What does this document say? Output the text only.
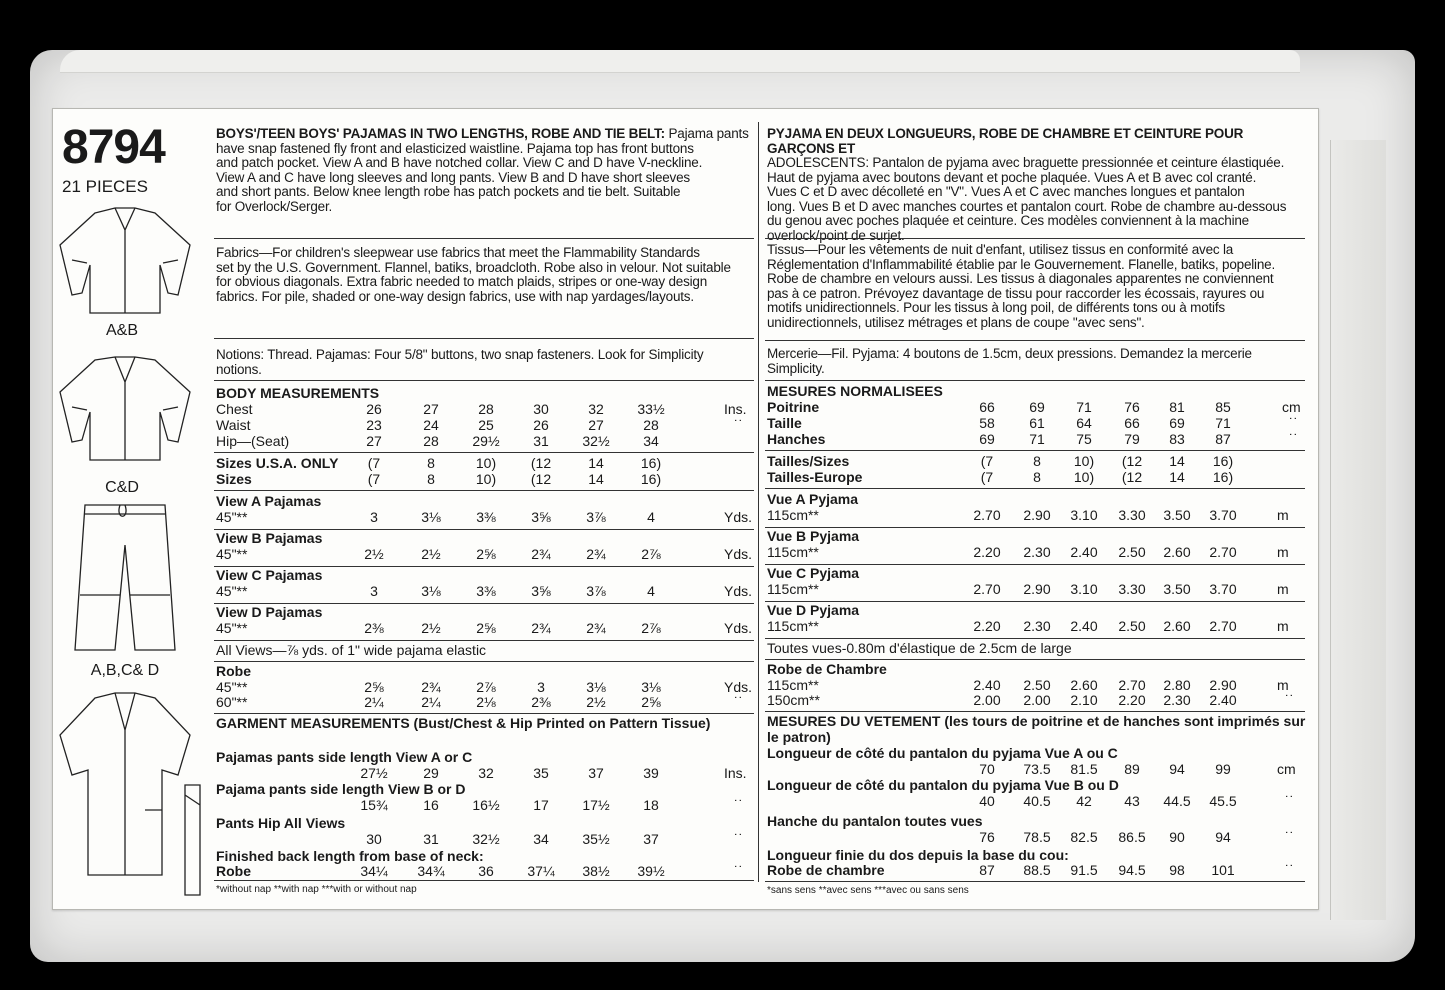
8794
21 PIECES
A&B
C&D
A,B,C& D
BOYS'/TEEN BOYS' PAJAMAS IN TWO LENGTHS, ROBE AND TIE BELT: Pajama pants
have snap fastened fly front and elasticized waistline. Pajama top has front buttons
and patch pocket. View A and B have notched collar. View C and D have V-neckline.
View A and C have long sleeves and long pants. View B and D have short sleeves
and short pants. Below knee length robe has patch pockets and tie belt. Suitable
for Overlock/Serger.
Fabrics—For children's sleepwear use fabrics that meet the Flammability Standards
set by the U.S. Government. Flannel, batiks, broadcloth. Robe also in velour. Not suitable
for obvious diagonals. Extra fabric needed to match plaids, stripes or one-way design
fabrics. For pile, shaded or one-way design fabrics, use with nap yardages/layouts.
Notions: Thread. Pajamas: Four 5/8" buttons, two snap fasteners. Look for Simplicity
notions.
BODY MEASUREMENTS
Chest	26	27	28	30	32	33½	Ins.
Waist	23	24	25	26	27	28	˙˙
Hip—(Seat)	27	28	29½	31	32½	34
Sizes U.S.A. ONLY	(7	8	10)	(12	14	16)
Sizes	(7	8	10)	(12	14	16)
View A Pajamas
45"**	3	3⅛	3⅜	3⅝	3⅞	4	Yds.
View B Pajamas
45"**	2½	2½	2⅝	2¾	2¾	2⅞	Yds.
View C Pajamas
45"**	3	3⅛	3⅜	3⅝	3⅞	4	Yds.
View D Pajamas
45"**	2⅜	2½	2⅝	2¾	2¾	2⅞	Yds.
All Views—⅞ yds. of 1" wide pajama elastic
Robe
45"**	2⅝	2¾	2⅞	3	3⅛	3⅛	Yds.
60"**	2¼	2¼	2⅛	2⅜	2½	2⅝	˙˙
GARMENT MEASUREMENTS (Bust/Chest & Hip Printed on Pattern Tissue)
Pajamas pants side length View A or C
27½	29	32	35	37	39	Ins.
Pajama pants side length View B or D
15¾	16	16½	17	17½	18	˙˙
Pants Hip All Views
30	31	32½	34	35½	37	˙˙
Finished back length from base of neck:
Robe	34¼	34¾	36	37¼	38½	39½	˙˙
*without nap **with nap ***with or without nap
PYJAMA EN DEUX LONGUEURS, ROBE DE CHAMBRE ET CEINTURE POUR GARÇONS ET
ADOLESCENTS: Pantalon de pyjama avec braguette pressionnée et ceinture élastiquée.
Haut de pyjama avec boutons devant et poche plaquée. Vues A et B avec col cranté.
Vues C et D avec décolleté en "V". Vues A et C avec manches longues et pantalon
long. Vues B et D avec manches courtes et pantalon court. Robe de chambre au-dessous
du genou avec poches plaquée et ceinture. Ces modèles conviennent à la machine
overlock/point de surjet.
Tissus—Pour les vêtements de nuit d'enfant, utilisez tissus en conformité avec la
Réglementation d'Inflammabilité établie par le Gouvernement. Flanelle, batiks, popeline.
Robe de chambre en velours aussi. Les tissus à diagonales apparentes ne conviennent
pas à ce patron. Prévoyez davantage de tissu pour raccorder les écossais, rayures ou
motifs unidirectionnels. Pour les tissus à long poil, de différents tons ou à motifs
unidirectionnels, utilisez métrages et plans de coupe "avec sens".
Mercerie—Fil. Pyjama: 4 boutons de 1.5cm, deux pressions. Demandez la mercerie
Simplicity.
MESURES NORMALISEES
Poitrine	66	69	71	76	81	85	cm
Taille	58	61	64	66	69	71	˙˙
Hanches	69	71	75	79	83	87	˙˙
Tailles/Sizes	(7	8	10)	(12	14	16)
Tailles-Europe	(7	8	10)	(12	14	16)
Vue A Pyjama
115cm**	2.70	2.90	3.10	3.30	3.50	3.70	m
Vue B Pyjama
115cm**	2.20	2.30	2.40	2.50	2.60	2.70	m
Vue C Pyjama
115cm**	2.70	2.90	3.10	3.30	3.50	3.70	m
Vue D Pyjama
115cm**	2.20	2.30	2.40	2.50	2.60	2.70	m
Toutes vues-0.80m d'élastique de 2.5cm de large
Robe de Chambre
115cm**	2.40	2.50	2.60	2.70	2.80	2.90	m
150cm**	2.00	2.00	2.10	2.20	2.30	2.40	˙˙
MESURES DU VETEMENT (les tours de poitrine et de hanches sont imprimés sur
le patron)
Longueur de côté du pantalon du pyjama Vue A ou C
70	73.5	81.5	89	94	99	cm
Longueur de côté du pantalon du pyjama Vue B ou D
40	40.5	42	43	44.5	45.5	˙˙
Hanche du pantalon toutes vues
76	78.5	82.5	86.5	90	94	˙˙
Longueur finie du dos depuis la base du cou:
Robe de chambre	87	88.5	91.5	94.5	98	101	˙˙
*sans sens **avec sens ***avec ou sans sens
